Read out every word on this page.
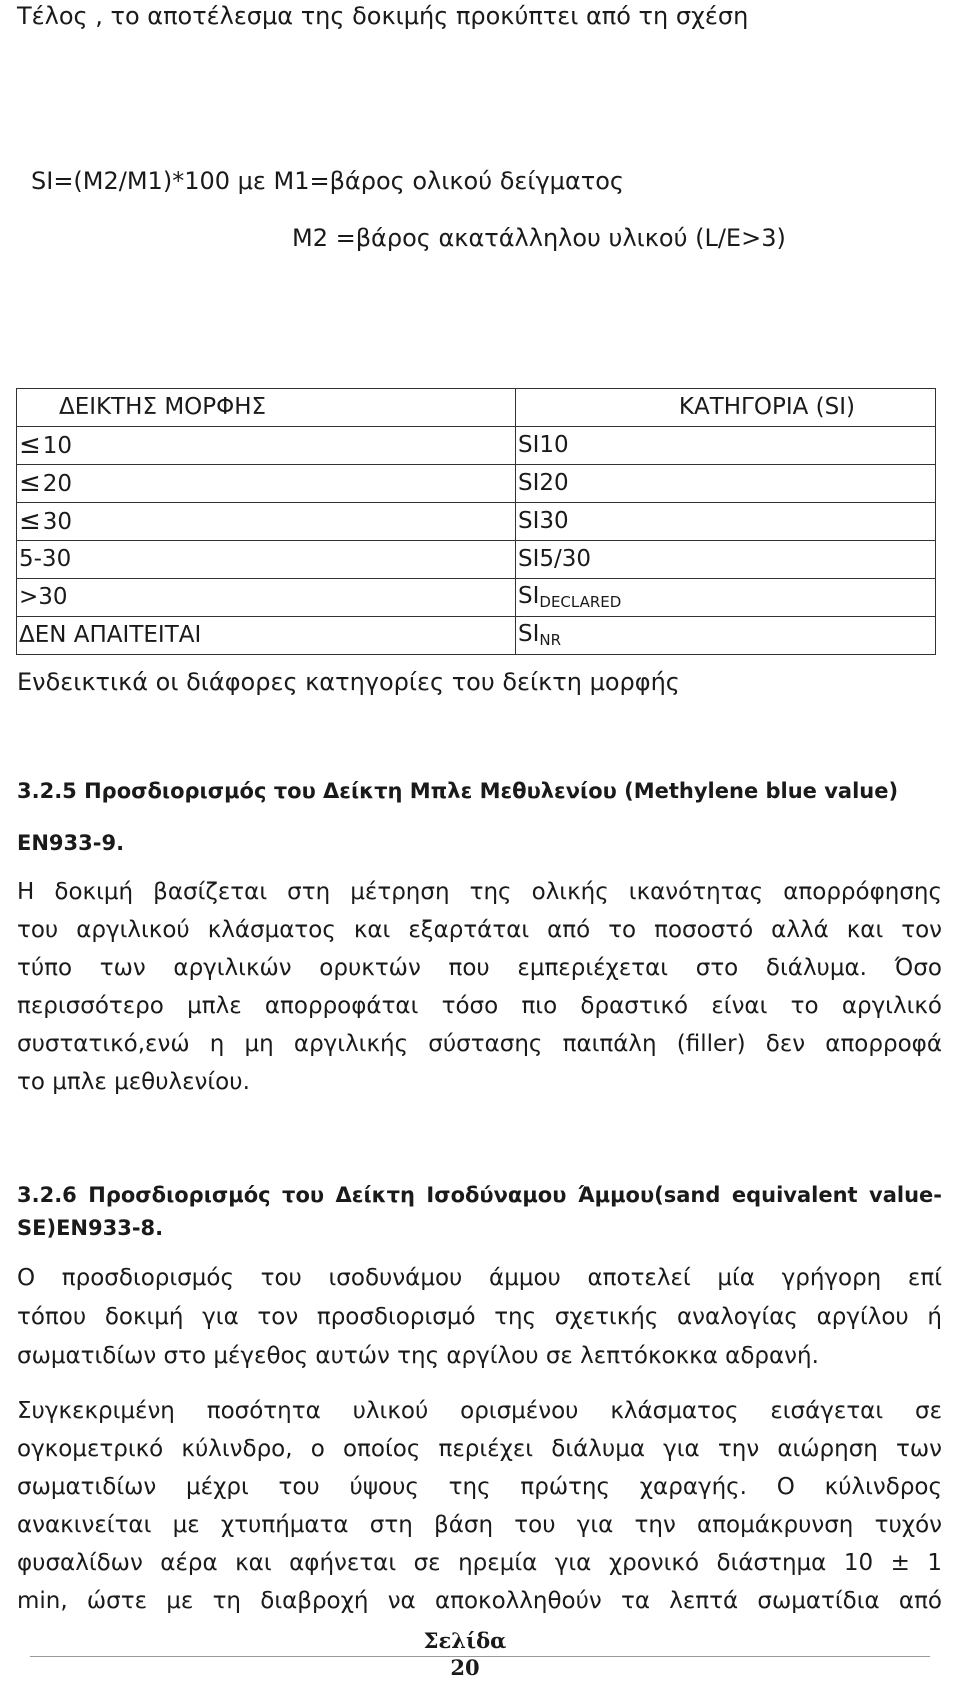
Τέλος , το αποτέλεσμα της δοκιμής προκύπτει από τη σχέση
SI=(M2/M1)*100 με M1=βάρος ολικού δείγματος
M2 =βάρος ακατάλληλου υλικού (L/E>3)
ΔΕΙΚΤΗΣ ΜΟΡΦΗΣ	ΚΑΤΗΓΟΡΙΑ (SI)
≤10	SI10
≤20	SI20
≤30	SI30
5-30	SI5/30
>30	$SI_{DECLARED}$
ΔΕΝ ΑΠΑΙΤΕΙΤΑΙ	$SI_{NR}$
Ενδεικτικά οι διάφορες κατηγορίες του δείκτη μορφής
3.2.5 Προσδιορισμός του Δείκτη Μπλε Μεθυλενίου (Methylene blue value)
EN933-9.
Η δοκιμή βασίζεται στη μέτρηση της ολικής ικανότητας απορρόφησης
του αργιλικού κλάσματος και εξαρτάται από το ποσοστό αλλά και τον
τύπο των αργιλικών ορυκτών που εμπεριέχεται στο διάλυμα. Όσο
περισσότερο μπλε απορροφάται τόσο πιο δραστικό είναι το αργιλικό
συστατικό,ενώ η μη αργιλικής σύστασης παιπάλη (filler) δεν απορροφά
το μπλε μεθυλενίου.
3.2.6 Προσδιορισμός του Δείκτη Ισοδύναμου Άμμου(sand equivalent value-
SE)EN933-8.
Ο προσδιορισμός του ισοδυνάμου άμμου αποτελεί μία γρήγορη επί
τόπου δοκιμή για τον προσδιορισμό της σχετικής αναλογίας αργίλου ή
σωματιδίων στο μέγεθος αυτών της αργίλου σε λεπτόκοκκα αδρανή.
Συγκεκριμένη ποσότητα υλικού ορισμένου κλάσματος εισάγεται σε
ογκομετρικό κύλινδρο, ο οποίος περιέχει διάλυμα για την αιώρηση των
σωματιδίων μέχρι του ύψους της πρώτης χαραγής. Ο κύλινδρος
ανακινείται με χτυπήματα στη βάση του για την απομάκρυνση τυχόν
φυσαλίδων αέρα και αφήνεται σε ηρεμία για χρονικό διάστημα 10 ± 1
min, ώστε με τη διαβροχή να αποκολληθούν τα λεπτά σωματίδια από
Σελίδα
20
